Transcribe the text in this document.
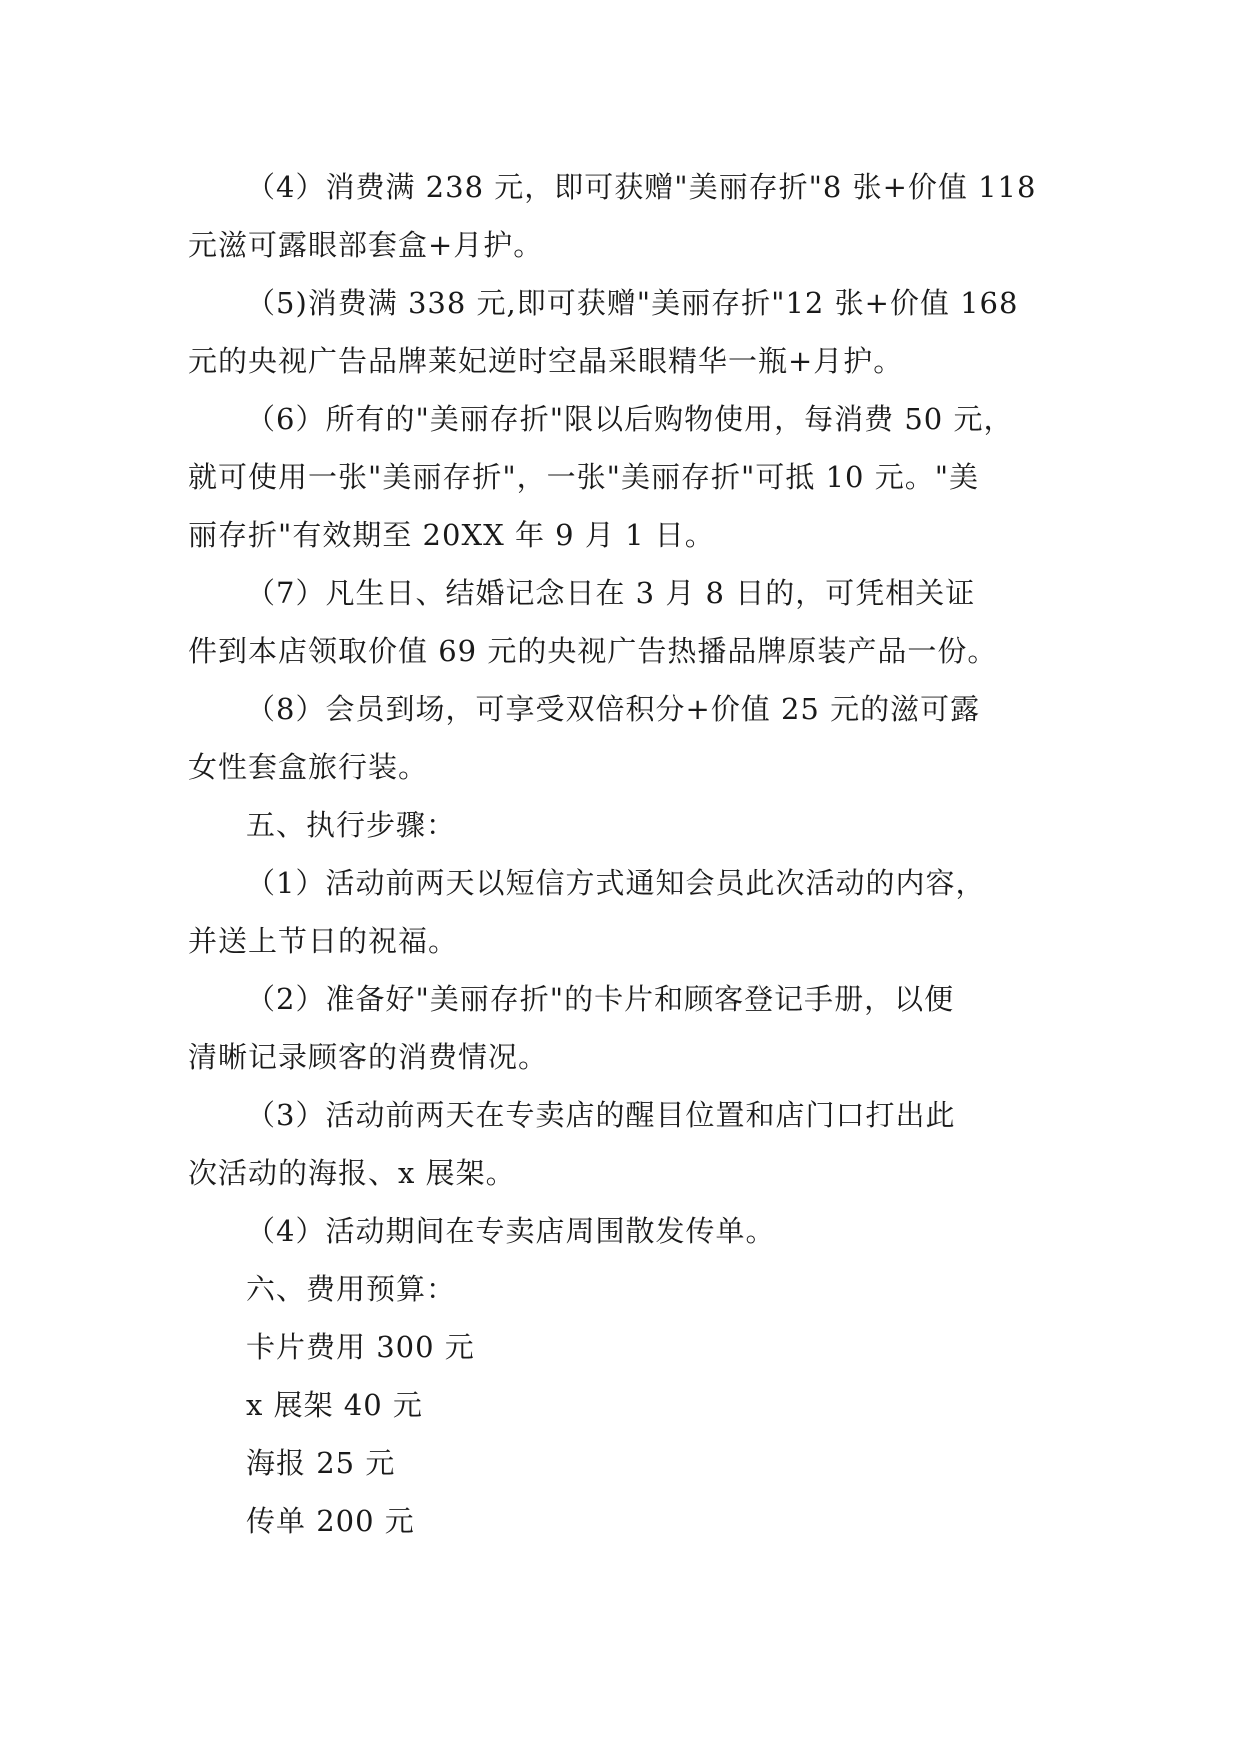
（4）消费满 238 元，即可获赠"美丽存折"8 张+价值 118
元滋可露眼部套盒+月护。

（5)消费满 338 元,即可获赠"美丽存折"12 张+价值 168
元的央视广告品牌莱妃逆时空晶采眼精华一瓶+月护。

（6）所有的"美丽存折"限以后购物使用，每消费 50 元，
就可使用一张"美丽存折"，一张"美丽存折"可抵 10 元。"美
丽存折"有效期至 20XX 年 9 月 1 日。

（7）凡生日、结婚记念日在 3 月 8 日的，可凭相关证
件到本店领取价值 69 元的央视广告热播品牌原装产品一份。

（8）会员到场，可享受双倍积分+价值 25 元的滋可露
女性套盒旅行装。

五、执行步骤：

（1）活动前两天以短信方式通知会员此次活动的内容，
并送上节日的祝福。

（2）准备好"美丽存折"的卡片和顾客登记手册，以便
清晰记录顾客的消费情况。

（3）活动前两天在专卖店的醒目位置和店门口打出此
次活动的海报、x 展架。

（4）活动期间在专卖店周围散发传单。

六、费用预算：

卡片费用 300 元

x 展架 40 元

海报 25 元

传单 200 元
